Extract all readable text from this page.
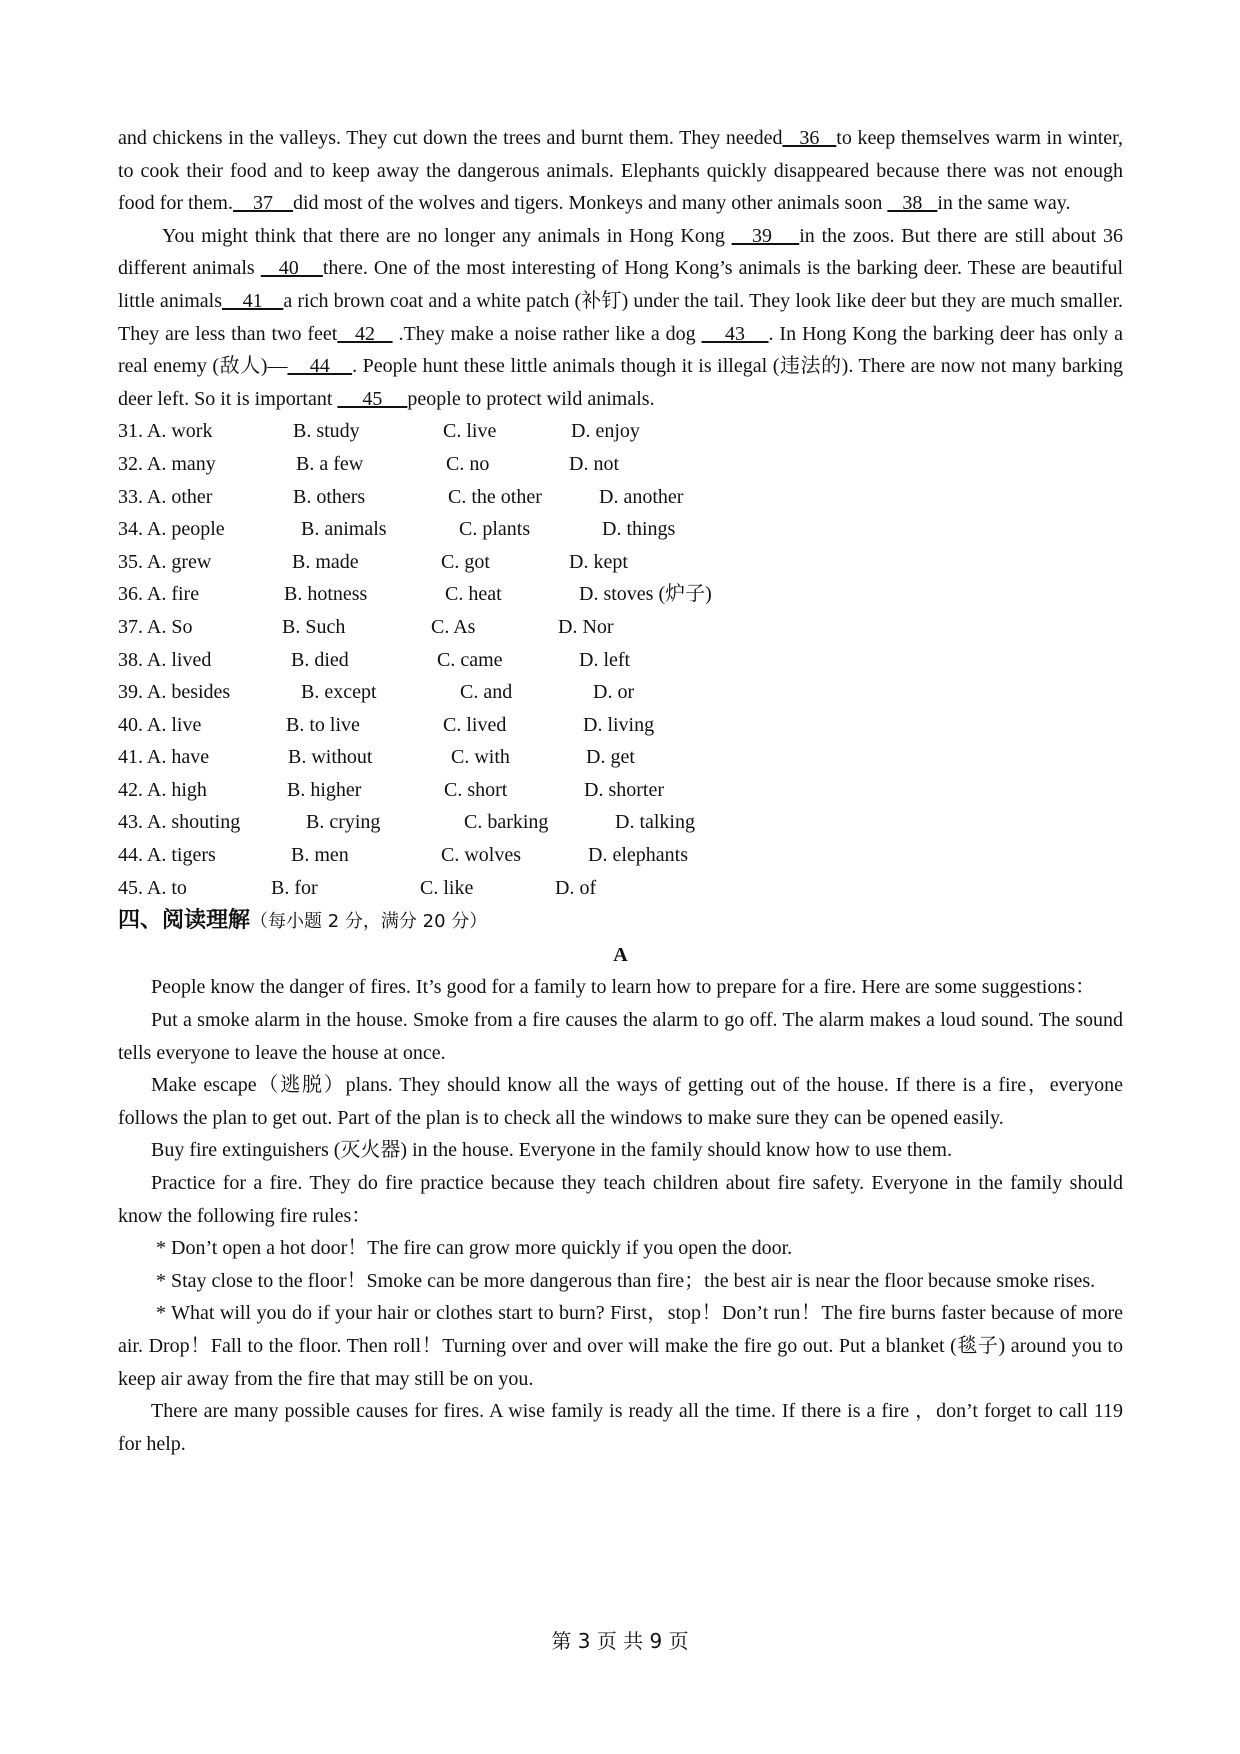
and chickens in the valleys. They cut down the trees and burnt them. They needed   36   to keep themselves warm in winter, to cook their food and to keep away the dangerous animals. Elephants quickly disappeared because there was not enough food for them.    37    did most of the wolves and tigers. Monkeys and many other animals soon    38   in the same way.

You might think that there are no longer any animals in Hong Kong    39    in the zoos. But there are still about 36 different animals    40    there. One of the most interesting of Hong Kong’s animals is the barking deer. These are beautiful little animals    41    a rich brown coat and a white patch (补钉) under the tail. They look like deer but they are much smaller. They are less than two feet   42    .They make a noise rather like a dog     43    . In Hong Kong the barking deer has only a real enemy (敌人)—    44    . People hunt these little animals though it is illegal (违法的). There are now not many barking deer left. So it is important      45     people to protect wild animals.

31. A. work	B. study	C. live	D. enjoy
32. A. many	B. a few	C. no	D. not
33. A. other	B. others	C. the other	D. another
34. A. people	B. animals	C. plants	D. things
35. A. grew	B. made	C. got	D. kept
36. A. fire	B. hotness	C. heat	D. stoves (炉子)
37. A. So	B. Such	C. As	D. Nor
38. A. lived	B. died	C. came	D. left
39. A. besides	B. except	C. and	D. or
40. A. live	B. to live	C. lived	D. living
41. A. have	B. without	C. with	D. get
42. A. high	B. higher	C. short	D. shorter
43. A. shouting	B. crying	C. barking	D. talking
44. A. tigers	B. men	C. wolves	D. elephants
45. A. to	B. for	C. like	D. of

四、阅读理解（每小题 2 分，满分 20 分）

A

People know the danger of fires. It’s good for a family to learn how to prepare for a fire. Here are some suggestions：

Put a smoke alarm in the house. Smoke from a fire causes the alarm to go off. The alarm makes a loud sound. The sound tells everyone to leave the house at once.

Make escape（逃脱）plans. They should know all the ways of getting out of the house. If there is a fire，everyone follows the plan to get out. Part of the plan is to check all the windows to make sure they can be opened easily.

Buy fire extinguishers (灭火器) in the house. Everyone in the family should know how to use them.

Practice for a fire. They do fire practice because they teach children about fire safety. Everyone in the family should know the following fire rules：

* Don’t open a hot door！The fire can grow more quickly if you open the door.

* Stay close to the floor！Smoke can be more dangerous than fire；the best air is near the floor because smoke rises.

* What will you do if your hair or clothes start to burn? First，stop！Don’t run！The fire burns faster because of more air. Drop！Fall to the floor. Then roll！Turning over and over will make the fire go out. Put a blanket (毯子) around you to keep air away from the fire that may still be on you.

There are many possible causes for fires. A wise family is ready all the time. If there is a fire ，don’t forget to call 119 for help.

第 3 页 共 9 页
